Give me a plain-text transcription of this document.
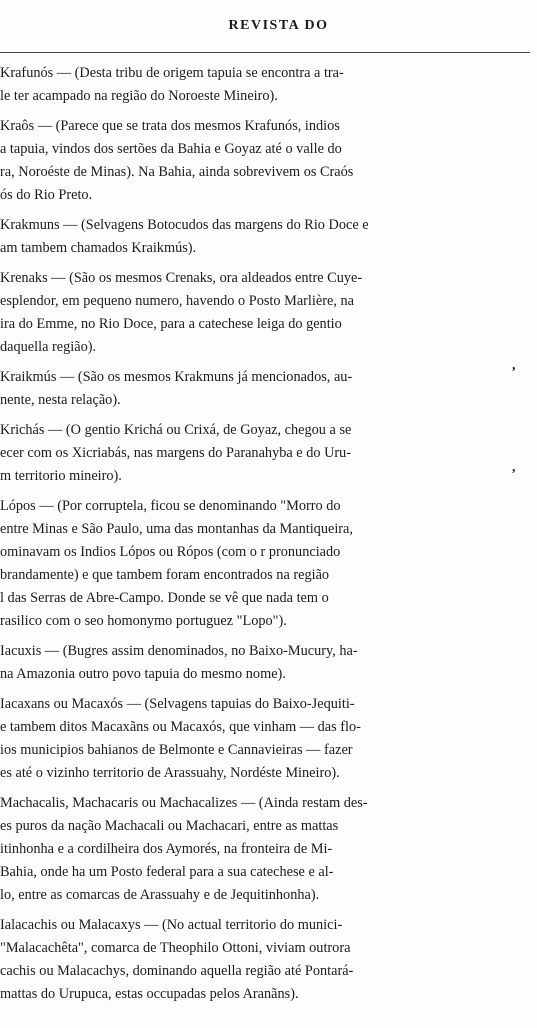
REVISTA DO
Krafunós — (Desta tribu de origem tapuia se encontra a tra-
le ter acampado na região do Noroeste Mineiro).
Kraôs — (Parece que se trata dos mesmos Krafunós, indios
a tapuia, vindos dos sertões da Bahia e Goyaz até o valle do
ra, Noroéste de Minas). Na Bahia, ainda sobrevivem os Craós
ós do Rio Preto.
Krakmuns — (Selvagens Botocudos das margens do Rio Doce e
am tambem chamados Kraikmús).
Krenaks — (São os mesmos Crenaks, ora aldeados entre Cuye-
esplendor, em pequeno numero, havendo o Posto Marlière, na
ira do Emme, no Rio Doce, para a catechese leiga do gentio
daquella região).
Kraikmús — (São os mesmos Krakmuns já mencionados, au-
nente, nesta relação).
Krichás — (O gentio Krichá ou Crixá, de Goyaz, chegou a se
ecer com os Xicriabás, nas margens do Paranahyba e do Uru-
m territorio mineiro).
Lópos — (Por corruptela, ficou se denominando "Morro do
entre Minas e São Paulo, uma das montanhas da Mantiqueira,
ominavam os Indios Lópos ou Rópos (com o r pronunciado
brandamente) e que tambem foram encontrados na região
l das Serras de Abre-Campo. Donde se vê que nada tem o
rasilico com o seo homonymo portuguez "Lopo").
Iacuxis — (Bugres assim denominados, no Baixo-Mucury, ha-
na Amazonia outro povo tapuia do mesmo nome).
Iacaxans ou Macaxós — (Selvagens tapuias do Baixo-Jequiti-
e tambem ditos Macaxãns ou Macaxós, que vinham — das flo-
ios municipios bahianos de Belmonte e Cannavieiras — fazer
es até o vizinho territorio de Arassuahy, Nordéste Mineiro).
Machacalis, Machacaris ou Machacalizes — (Ainda restam des-
es puros da nação Machacali ou Machacari, entre as mattas
itinhonha e a cordilheira dos Aymorés, na fronteira de Mi-
Bahia, onde ha um Posto federal para a sua catechese e al-
lo, entre as comarcas de Arassuahy e de Jequitinhonha).
Ialacachis ou Malacaxys — (No actual territorio do munici-
"Malacachêta", comarca de Theophilo Ottoni, viviam outrora
cachis ou Malacachys, dominando aquella região até Pontará-
mattas do Urupuca, estas occupadas pelos Aranãns).
,
,
